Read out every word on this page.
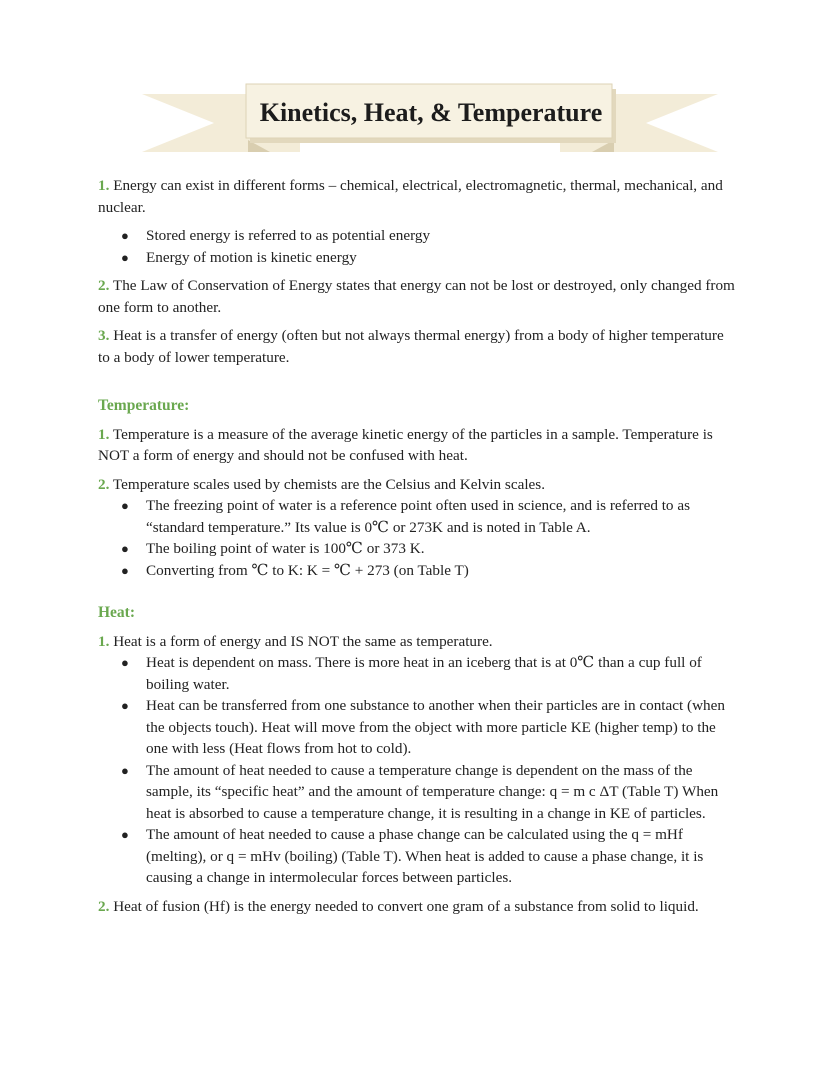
Kinetics, Heat, & Temperature

1. Energy can exist in different forms – chemical, electrical, electromagnetic, thermal, mechanical, and nuclear.

● Stored energy is referred to as potential energy
● Energy of motion is kinetic energy

2. The Law of Conservation of Energy states that energy can not be lost or destroyed, only changed from one form to another.

3. Heat is a transfer of energy (often but not always thermal energy) from a body of higher temperature to a body of lower temperature.

Temperature:

1. Temperature is a measure of the average kinetic energy of the particles in a sample. Temperature is NOT a form of energy and should not be confused with heat.

2. Temperature scales used by chemists are the Celsius and Kelvin scales.

● The freezing point of water is a reference point often used in science, and is referred to as “standard temperature.” Its value is 0℃ or 273K and is noted in Table A.
● The boiling point of water is 100℃ or 373 K.
● Converting from ℃ to K: K = ℃ + 273 (on Table T)

Heat:

1. Heat is a form of energy and IS NOT the same as temperature.

● Heat is dependent on mass. There is more heat in an iceberg that is at 0℃ than a cup full of boiling water.
● Heat can be transferred from one substance to another when their particles are in contact (when the objects touch). Heat will move from the object with more particle KE (higher temp) to the one with less (Heat flows from hot to cold).
● The amount of heat needed to cause a temperature change is dependent on the mass of the sample, its “specific heat” and the amount of temperature change: q = m c ΔT (Table T) When heat is absorbed to cause a temperature change, it is resulting in a change in KE of particles.
● The amount of heat needed to cause a phase change can be calculated using the q = mHf (melting), or q = mHv (boiling) (Table T). When heat is added to cause a phase change, it is causing a change in intermolecular forces between particles.

2. Heat of fusion (Hf) is the energy needed to convert one gram of a substance from solid to liquid.
